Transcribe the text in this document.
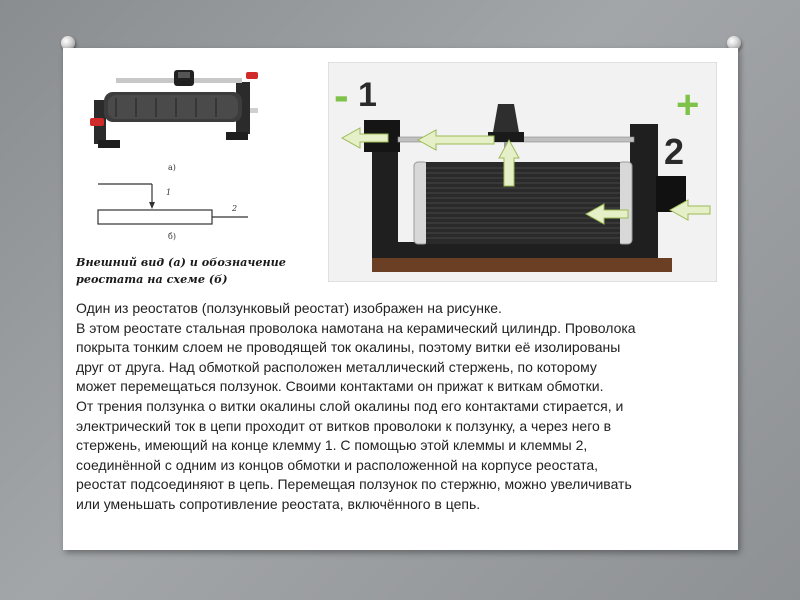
а)
1
2
б)
- 1	+
2
Внешний вид (а) и обозначение
реостата на схеме (б)
Один из реостатов (ползунковый реостат) изображен на рисунке.
В этом реостате стальная проволока намотана на керамический цилиндр. Проволока
покрыта тонким слоем не проводящей ток окалины, поэтому витки её изолированы
друг от друга. Над обмоткой расположен металлический стержень, по которому
может перемещаться ползунок. Своими контактами он прижат к виткам обмотки.
От трения ползунка о витки окалины слой окалины под его контактами стирается, и
электрический ток в цепи проходит от витков проволоки к ползунку, а через него в
стержень, имеющий на конце клемму 1. С помощью этой клеммы и клеммы 2,
соединённой с одним из концов обмотки и расположенной на корпусе реостата,
реостат подсоединяют в цепь. Перемещая ползунок по стержню, можно увеличивать
или уменьшать сопротивление реостата, включённого в цепь.
